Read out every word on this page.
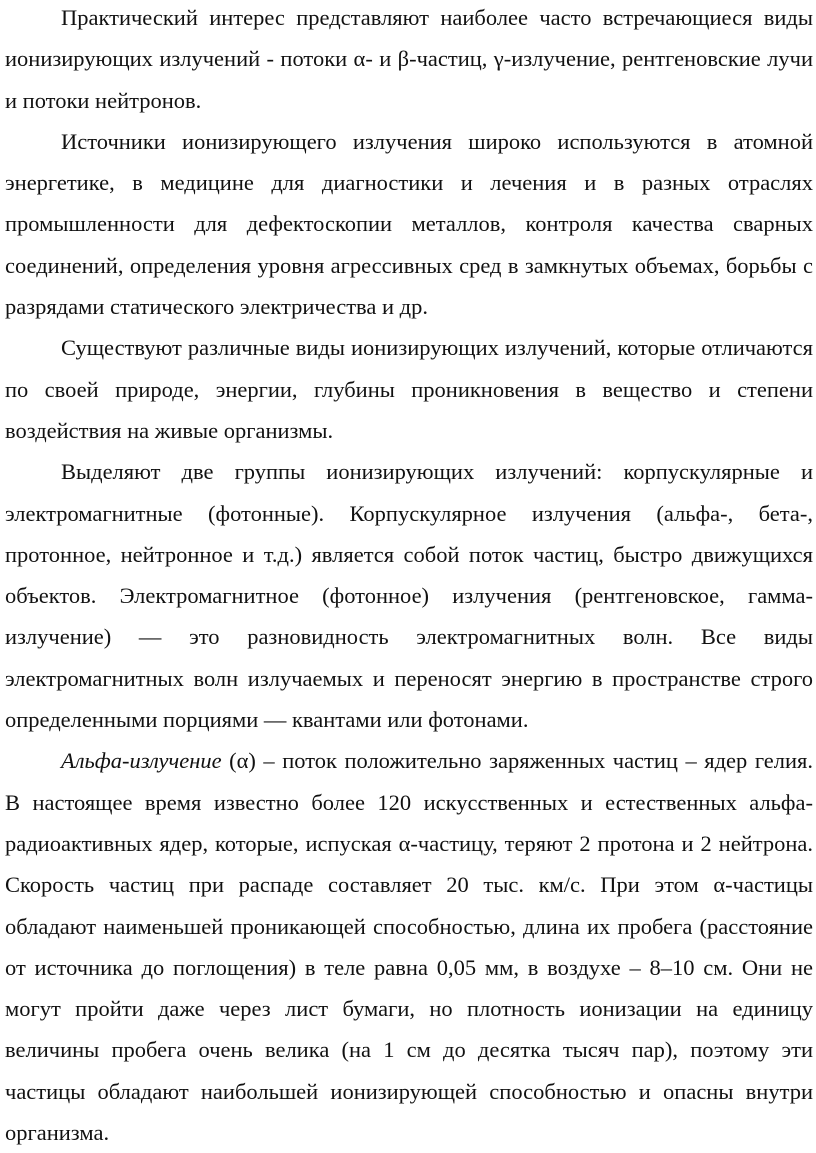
Практический интерес представляют наиболее часто встречающиеся виды ионизирующих излучений - потоки α- и β-частиц, γ-излучение, рентгеновские лучи и потоки нейтронов.

Источники ионизирующего излучения широко используются в атомной энергетике, в медицине для диагностики и лечения и в разных отраслях промышленности для дефектоскопии металлов, контроля качества сварных соединений, определения уровня агрессивных сред в замкнутых объемах, борьбы с разрядами статического электричества и др.

Существуют различные виды ионизирующих излучений, которые отличаются по своей природе, энергии, глубины проникновения в вещество и степени воздействия на живые организмы.

Выделяют две группы ионизирующих излучений: корпускулярные и электромагнитные (фотонные). Корпускулярное излучения (альфа-, бета-, протонное, нейтронное и т.д.) является собой поток частиц, быстро движущихся объектов. Электромагнитное (фотонное) излучения (рентгеновское, гамма-излучение) — это разновидность электромагнитных волн. Все виды электромагнитных волн излучаемых и переносят энергию в пространстве строго определенными порциями — квантами или фотонами.

Альфа-излучение (α) – поток положительно заряженных частиц – ядер гелия. В настоящее время известно более 120 искусственных и естественных альфа-радиоактивных ядер, которые, испуская α-частицу, теряют 2 протона и 2 нейтрона. Скорость частиц при распаде составляет 20 тыс. км/с. При этом α-частицы обладают наименьшей проникающей способностью, длина их пробега (расстояние от источника до поглощения) в теле равна 0,05 мм, в воздухе – 8–10 см. Они не могут пройти даже через лист бумаги, но плотность ионизации на единицу величины пробега очень велика (на 1 см до десятка тысяч пар), поэтому эти частицы обладают наибольшей ионизирующей способностью и опасны внутри организма.
